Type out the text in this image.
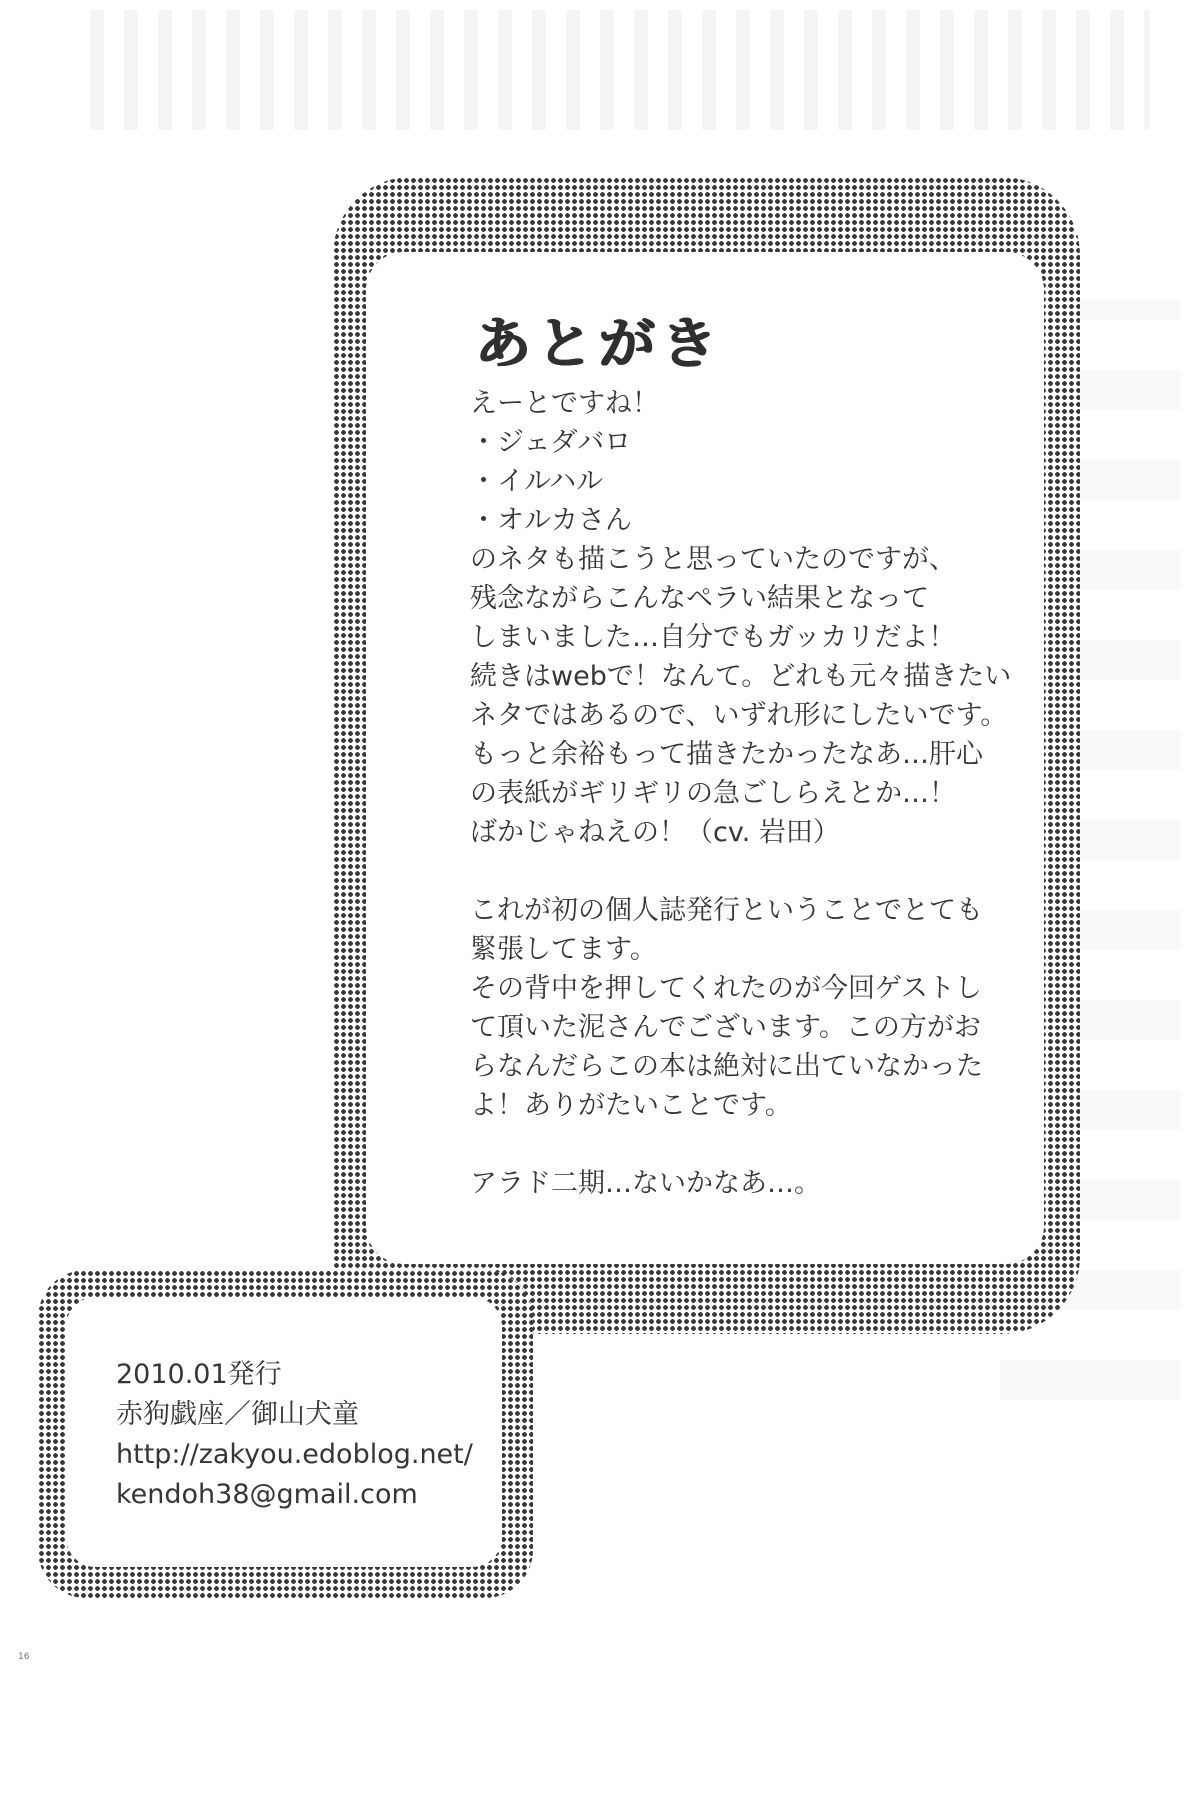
あとがき
えーとですね！
・ジェダバロ
・イルハル
・オルカさん
のネタも描こうと思っていたのですが、
残念ながらこんなペラい結果となって
しまいました…自分でもガッカリだよ！
続きはwebで！なんて。どれも元々描きたい
ネタではあるので、いずれ形にしたいです。
もっと余裕もって描きたかったなあ…肝心
の表紙がギリギリの急ごしらえとか…！
ばかじゃねえの！（cv. 岩田）
これが初の個人誌発行ということでとても
緊張してます。
その背中を押してくれたのが今回ゲストし
て頂いた泥さんでございます。この方がお
らなんだらこの本は絶対に出ていなかった
よ！ありがたいことです。
アラド二期…ないかなあ…。
2010.01発行
赤狗戯座／御山犬童
http://zakyou.edoblog.net/
kendoh38@gmail.com
16
